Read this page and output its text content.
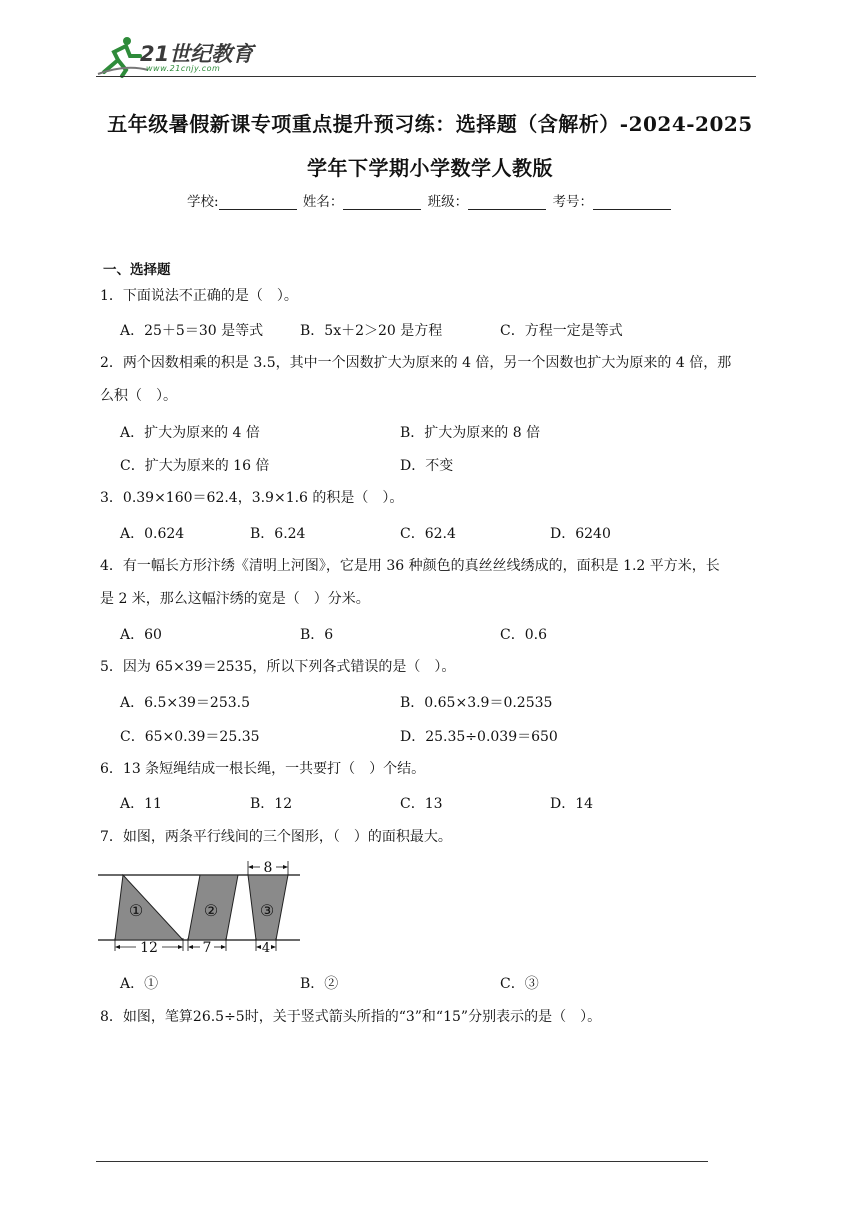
21世纪教育
www.21cnjy.com
五年级暑假新课专项重点提升预习练：选择题（含解析）-2024-2025
学年下学期小学数学人教版
学校:	姓名：	班级：	考号：
一、选择题
1．下面说法不正确的是（　）。
A．25＋5＝30 是等式	B．5x＋2＞20 是方程	C．方程一定是等式
2．两个因数相乘的积是 3.5，其中一个因数扩大为原来的 4 倍，另一个因数也扩大为原来的 4 倍，那
么积（　）。
A．扩大为原来的 4 倍	B．扩大为原来的 8 倍
C．扩大为原来的 16 倍	D．不变
3．0.39×160＝62.4，3.9×1.6 的积是（　）。
A．0.624	B．6.24	C．62.4	D．6240
4．有一幅长方形汴绣《清明上河图》，它是用 36 种颜色的真丝丝线绣成的，面积是 1.2 平方米，长
是 2 米，那么这幅汴绣的宽是（　）分米。
A．60	B．6	C．0.6
5．因为 65×39＝2535，所以下列各式错误的是（　）。
A．6.5×39＝253.5	B．0.65×3.9＝0.2535
C．65×0.39＝25.35	D．25.35÷0.039＝650
6．13 条短绳结成一根长绳，一共要打（　）个结。
A．11	B．12	C．13	D．14
7．如图，两条平行线间的三个图形，（　）的面积最大。
①	②	③
12	7
8
4
A．①	B．②	C．③
8．如图，笔算26.5÷5时，关于竖式箭头所指的“3”和“15”分别表示的是（　）。
